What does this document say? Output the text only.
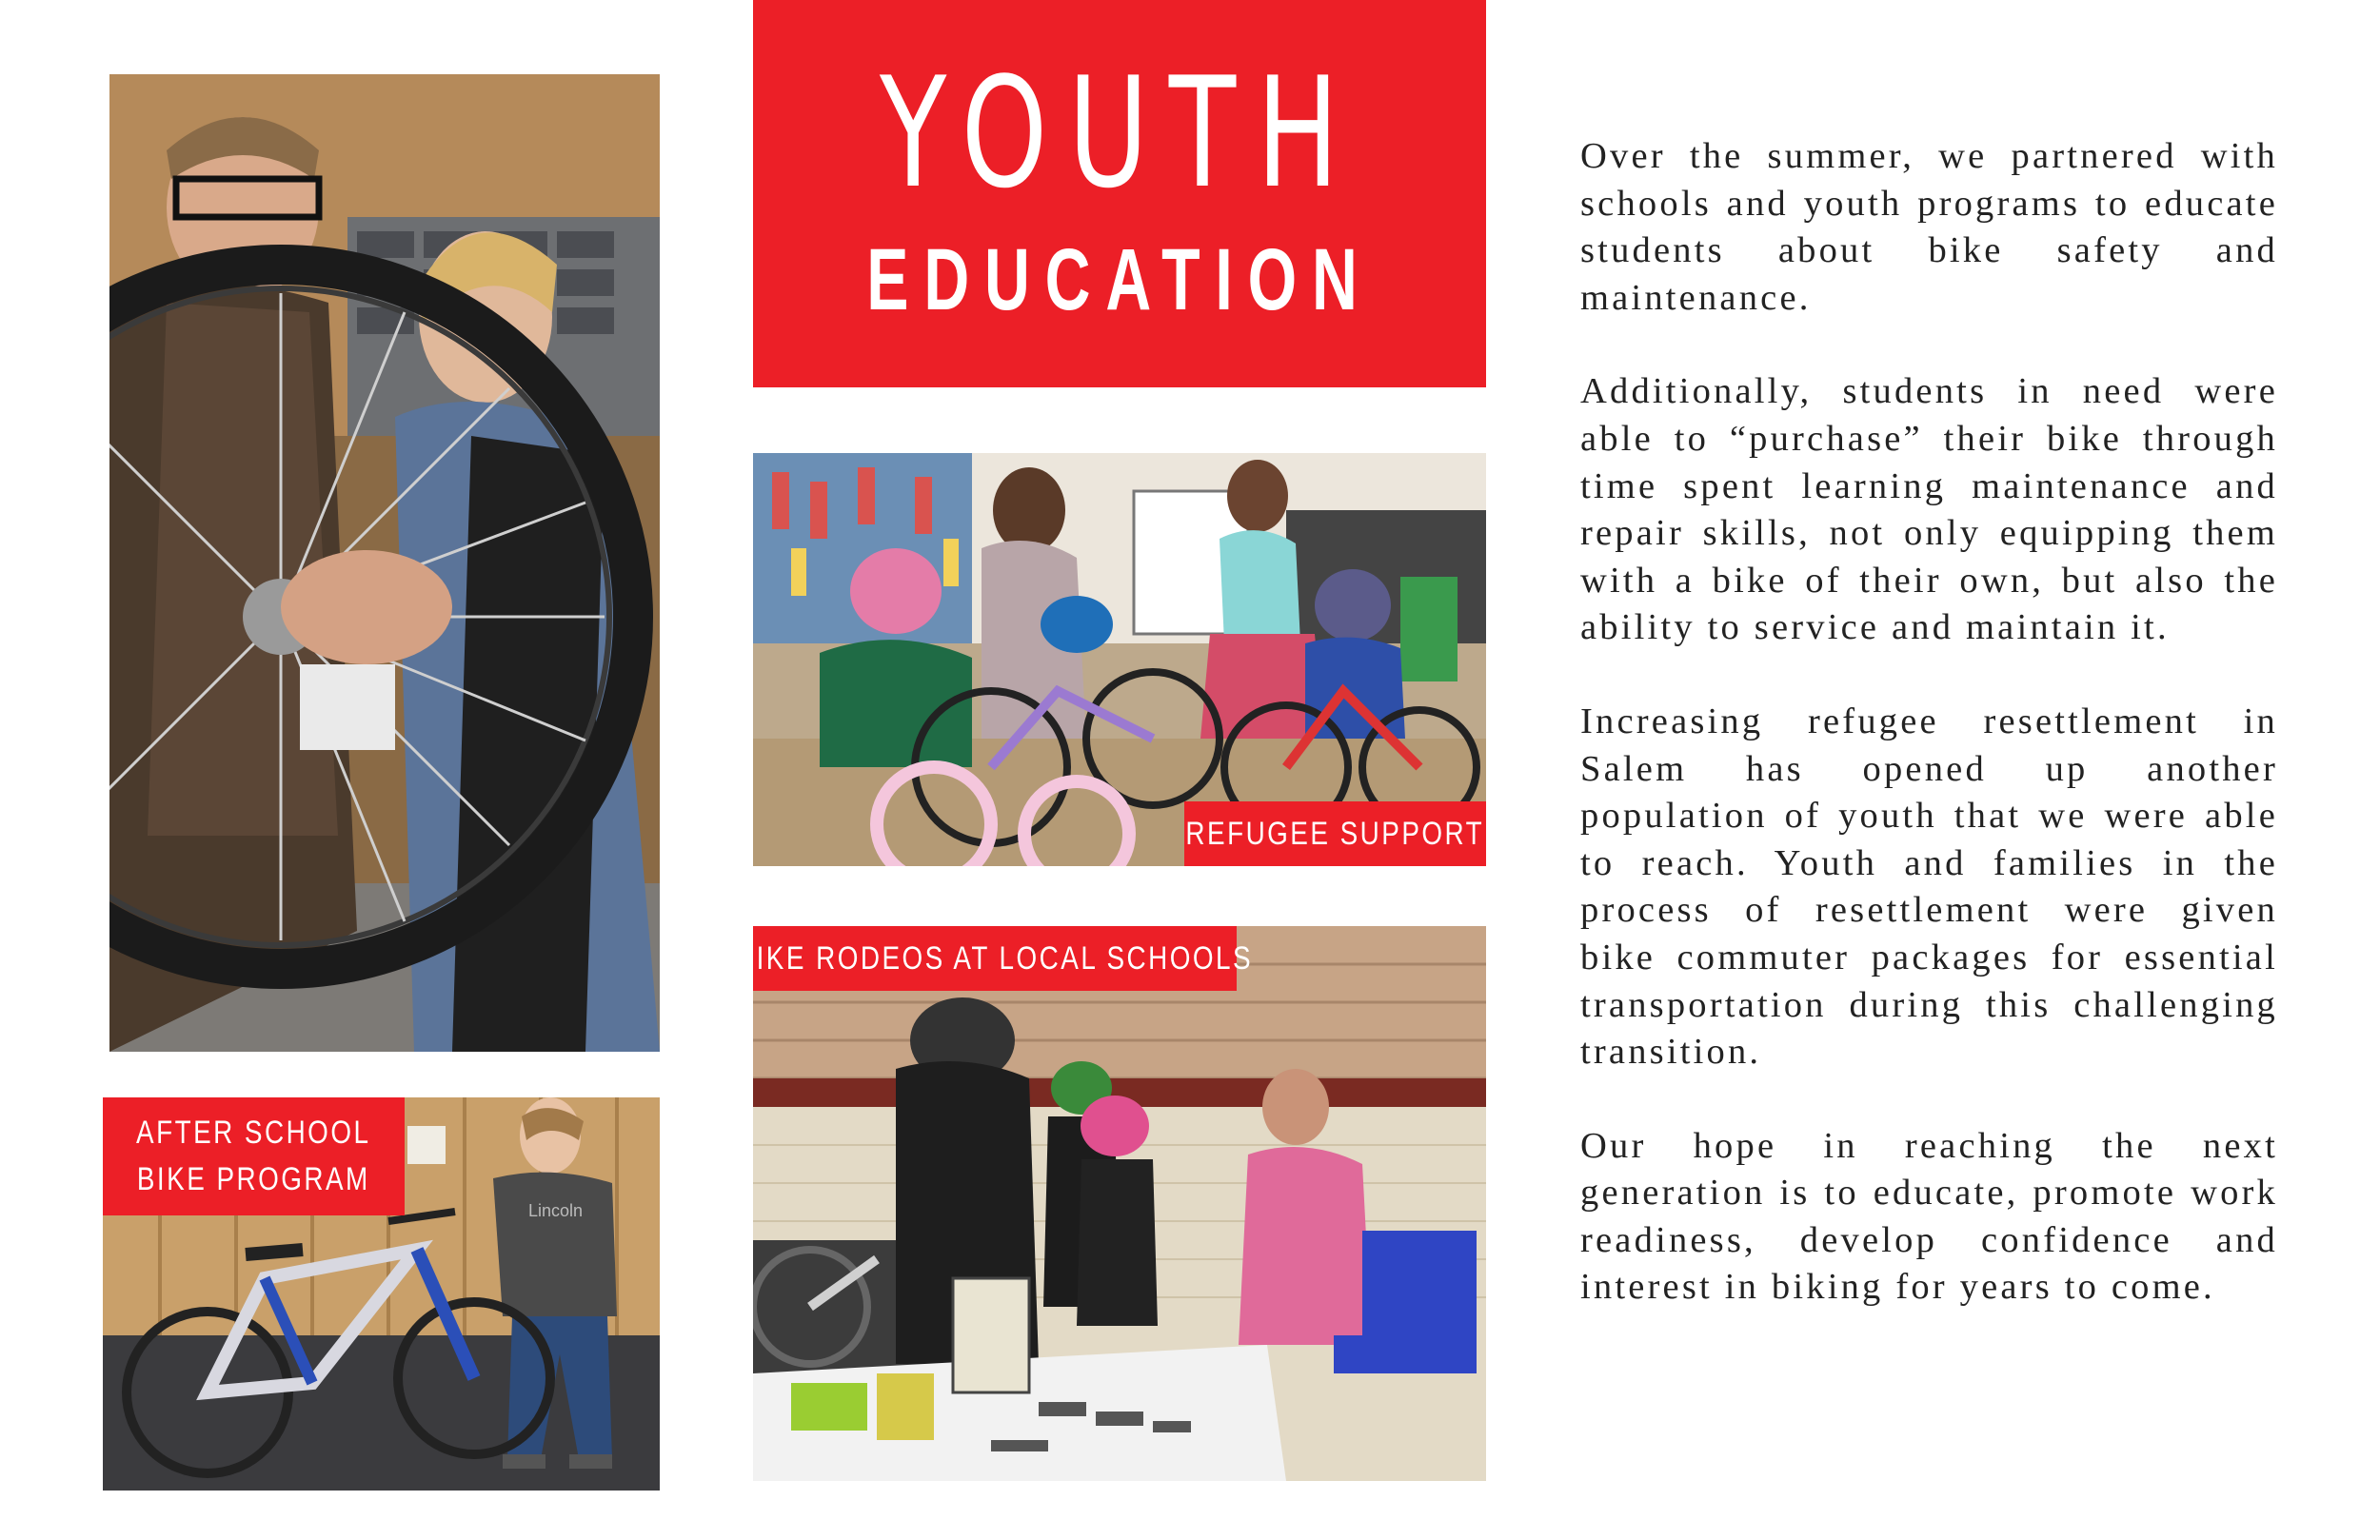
YOUTH
EDUCATION
REFUGEE SUPPORT
BIKE RODEOS AT LOCAL SCHOOLS
Lincoln
AFTER SCHOOL
BIKE PROGRAM

Over the summer, we partnered with schools and youth programs to educate students about bike safety and maintenance.

Additionally, students in need were able to “purchase” their bike through time spent learning maintenance and repair skills, not only equipping them with a bike of their own, but also the ability to service and maintain it.

Increasing refugee resettlement in Salem has opened up another population of youth that we were able to reach. Youth and families in the process of resettlement were given bike commuter packages for essential transportation during this challenging transition.

Our hope in reaching the next generation is to educate, promote work readiness, develop confidence and interest in biking for years to come.
